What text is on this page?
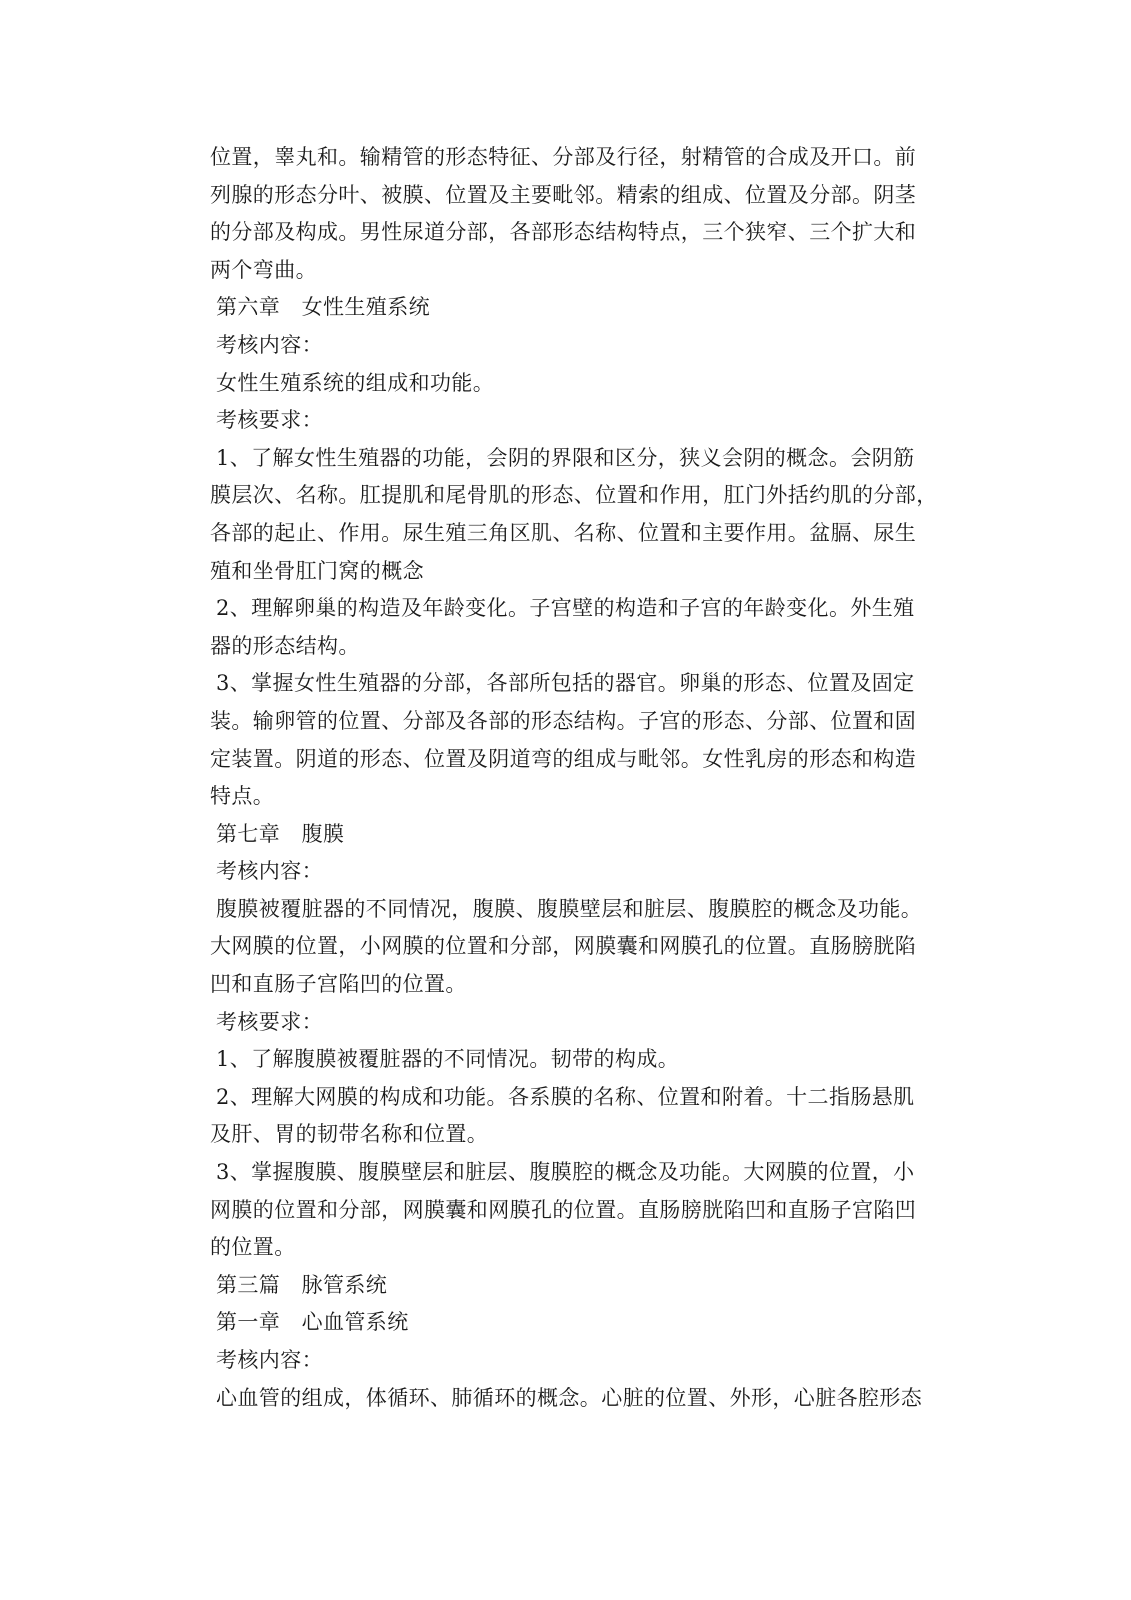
位置，睾丸和。输精管的形态特征、分部及行径，射精管的合成及开口。前
列腺的形态分叶、被膜、位置及主要毗邻。精索的组成、位置及分部。阴茎
的分部及构成。男性尿道分部，各部形态结构特点，三个狭窄、三个扩大和
两个弯曲。
第六章　女性生殖系统
考核内容：
女性生殖系统的组成和功能。
考核要求：
1、了解女性生殖器的功能，会阴的界限和区分，狭义会阴的概念。会阴筋
膜层次、名称。肛提肌和尾骨肌的形态、位置和作用，肛门外括约肌的分部，
各部的起止、作用。尿生殖三角区肌、名称、位置和主要作用。盆膈、尿生
殖和坐骨肛门窝的概念
2、理解卵巢的构造及年龄变化。子宫壁的构造和子宫的年龄变化。外生殖
器的形态结构。
3、掌握女性生殖器的分部，各部所包括的器官。卵巢的形态、位置及固定
装。输卵管的位置、分部及各部的形态结构。子宫的形态、分部、位置和固
定装置。阴道的形态、位置及阴道弯的组成与毗邻。女性乳房的形态和构造
特点。
第七章　腹膜
考核内容：
腹膜被覆脏器的不同情况，腹膜、腹膜壁层和脏层、腹膜腔的概念及功能。
大网膜的位置，小网膜的位置和分部，网膜囊和网膜孔的位置。直肠膀胱陷
凹和直肠子宫陷凹的位置。
考核要求：
1、了解腹膜被覆脏器的不同情况。韧带的构成。
2、理解大网膜的构成和功能。各系膜的名称、位置和附着。十二指肠悬肌
及肝、胃的韧带名称和位置。
3、掌握腹膜、腹膜壁层和脏层、腹膜腔的概念及功能。大网膜的位置，小
网膜的位置和分部，网膜囊和网膜孔的位置。直肠膀胱陷凹和直肠子宫陷凹
的位置。
第三篇　脉管系统
第一章　心血管系统
考核内容：
心血管的组成，体循环、肺循环的概念。心脏的位置、外形，心脏各腔形态
